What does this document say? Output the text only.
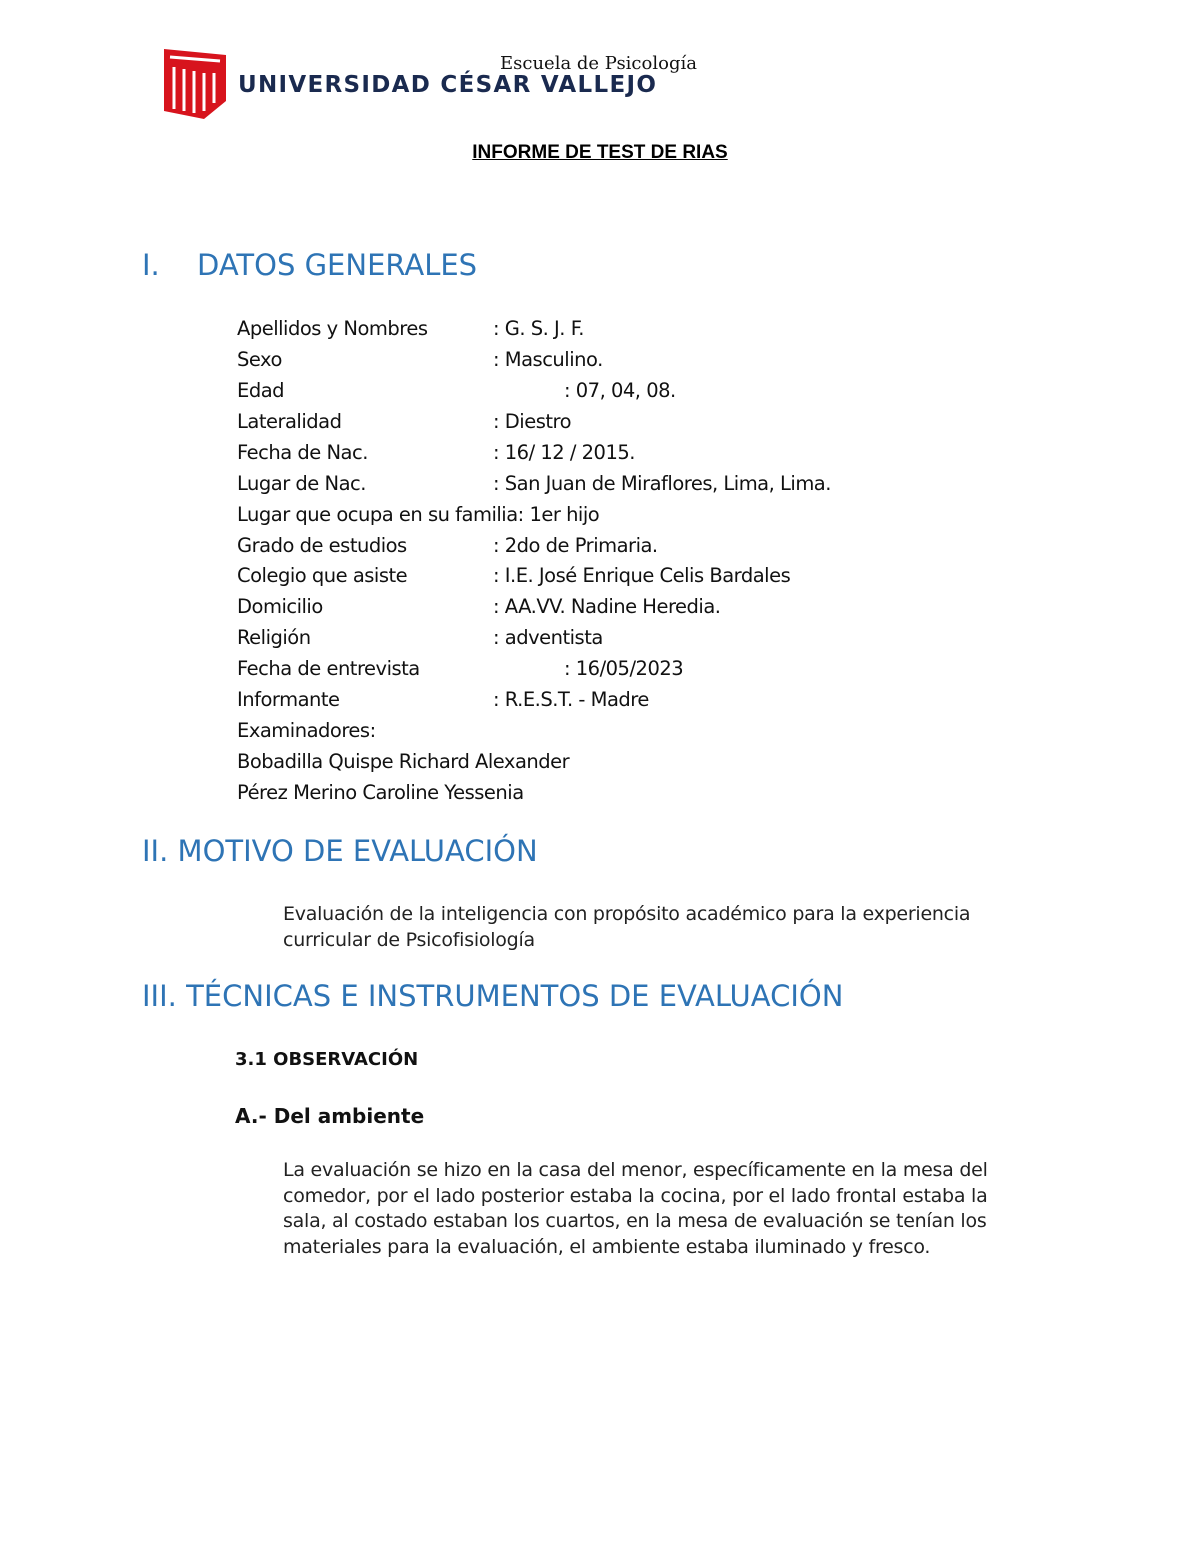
UNIVERSIDAD CÉSAR VALLEJO
Escuela de Psicología
INFORME DE TEST DE RIAS
I. DATOS GENERALES
Apellidos y Nombres	: G. S. J. F.
Sexo	: Masculino.
Edad	: 07, 04, 08.
Lateralidad	: Diestro
Fecha de Nac.	: 16/ 12 / 2015.
Lugar de Nac.	: San Juan de Miraflores, Lima, Lima.
Lugar que ocupa en su familia: 1er hijo
Grado de estudios	: 2do de Primaria.
Colegio que asiste	: I.E. José Enrique Celis Bardales
Domicilio	: AA.VV. Nadine Heredia.
Religión	: adventista
Fecha de entrevista	: 16/05/2023
Informante	: R.E.S.T. - Madre
Examinadores:
Bobadilla Quispe Richard Alexander
Pérez Merino Caroline Yessenia
II. MOTIVO DE EVALUACIÓN
Evaluación de la inteligencia con propósito académico para la experiencia curricular de Psicofisiología
III. TÉCNICAS E INSTRUMENTOS DE EVALUACIÓN
3.1 OBSERVACIÓN
A.- Del ambiente
La evaluación se hizo en la casa del menor, específicamente en la mesa del comedor, por el lado posterior estaba la cocina, por el lado frontal estaba la sala, al costado estaban los cuartos, en la mesa de evaluación se tenían los materiales para la evaluación, el ambiente estaba iluminado y fresco.
